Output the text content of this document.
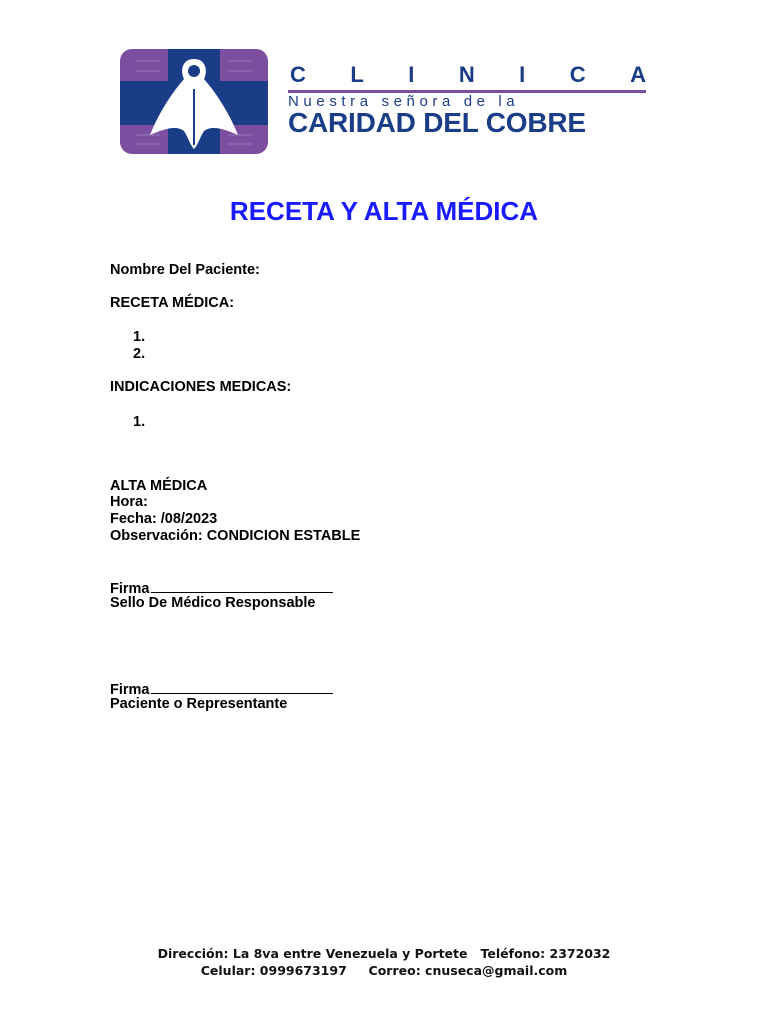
C L I N I C A
Nuestra señora de la
CARIDAD DEL COBRE
RECETA Y ALTA MÉDICA
Nombre Del Paciente:
RECETA MÉDICA:
1.
2.
INDICACIONES MEDICAS:
1.
ALTA MÉDICA
Hora:
Fecha: /08/2023
Observación: CONDICION ESTABLE
Firma
Sello De Médico Responsable
Firma
Paciente o Representante
Dirección: La 8va entre Venezuela y Portete   Teléfono: 2372032
Celular: 0999673197     Correo: cnuseca@gmail.com
